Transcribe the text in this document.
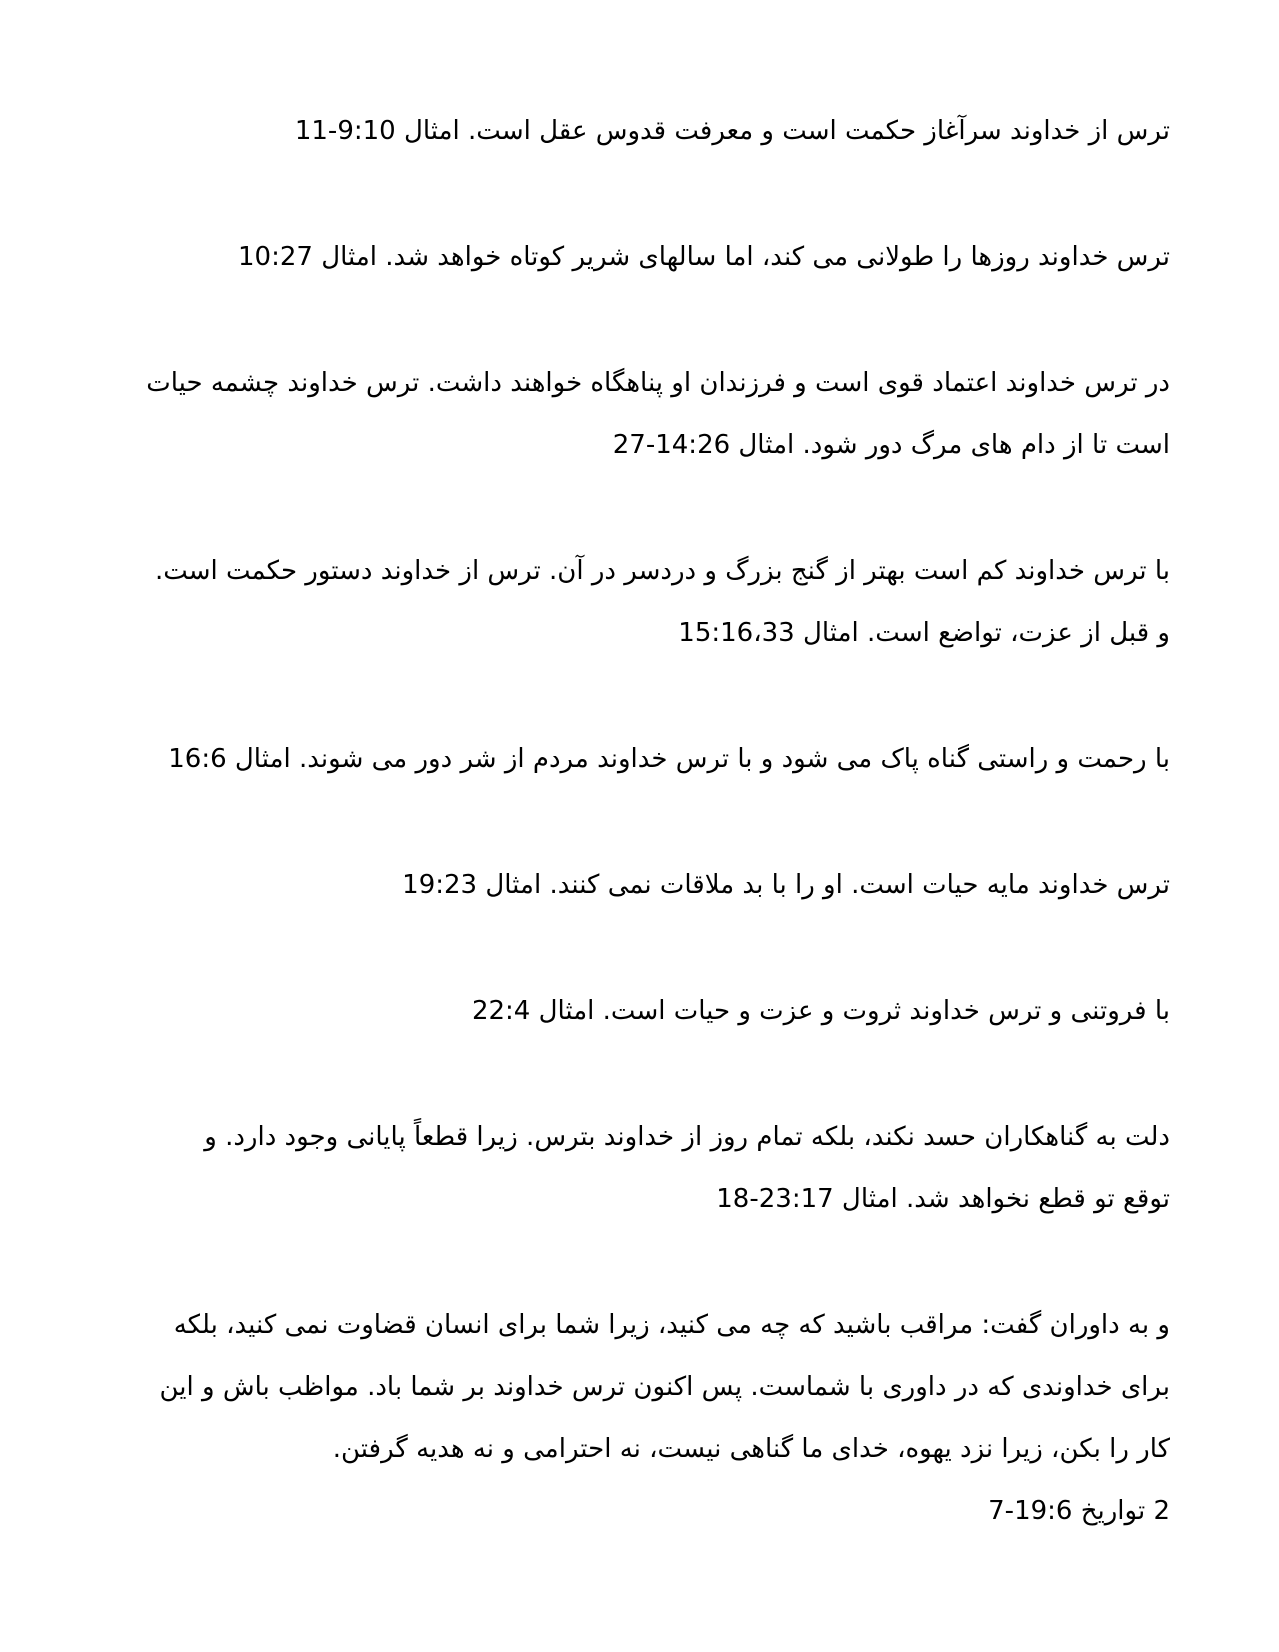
ترس از خداوند سرآغاز حکمت است و معرفت قدوس عقل است. امثال 9:10-11

ترس خداوند روزها را طولانی می کند، اما سالهای شریر کوتاه خواهد شد. امثال 10:27

در ترس خداوند اعتماد قوی است و فرزندان او پناهگاه خواهند داشت. ترس خداوند چشمه حیات
است تا از دام های مرگ دور شود. امثال 14:26-27

با ترس خداوند کم است بهتر از گنج بزرگ و دردسر در آن. ترس از خداوند دستور حکمت است.
و قبل از عزت، تواضع است. امثال 15:16،33

با رحمت و راستی گناه پاک می شود و با ترس خداوند مردم از شر دور می شوند. امثال 16:6

ترس خداوند مایه حیات است. او را با بد ملاقات نمی کنند. امثال 19:23

با فروتنی و ترس خداوند ثروت و عزت و حیات است. امثال 22:4

دلت به گناهکاران حسد نکند، بلکه تمام روز از خداوند بترس. زیرا قطعاً پایانی وجود دارد. و
توقع تو قطع نخواهد شد. امثال 23:17-18

و به داوران گفت: مراقب باشید که چه می کنید، زیرا شما برای انسان قضاوت نمی کنید، بلکه
برای خداوندی که در داوری با شماست. پس اکنون ترس خداوند بر شما باد. مواظب باش و این
کار را بکن، زیرا نزد یهوه، خدای ما گناهی نیست، نه احترامی و نه هدیه گرفتن.
2 تواریخ 19:6-7
